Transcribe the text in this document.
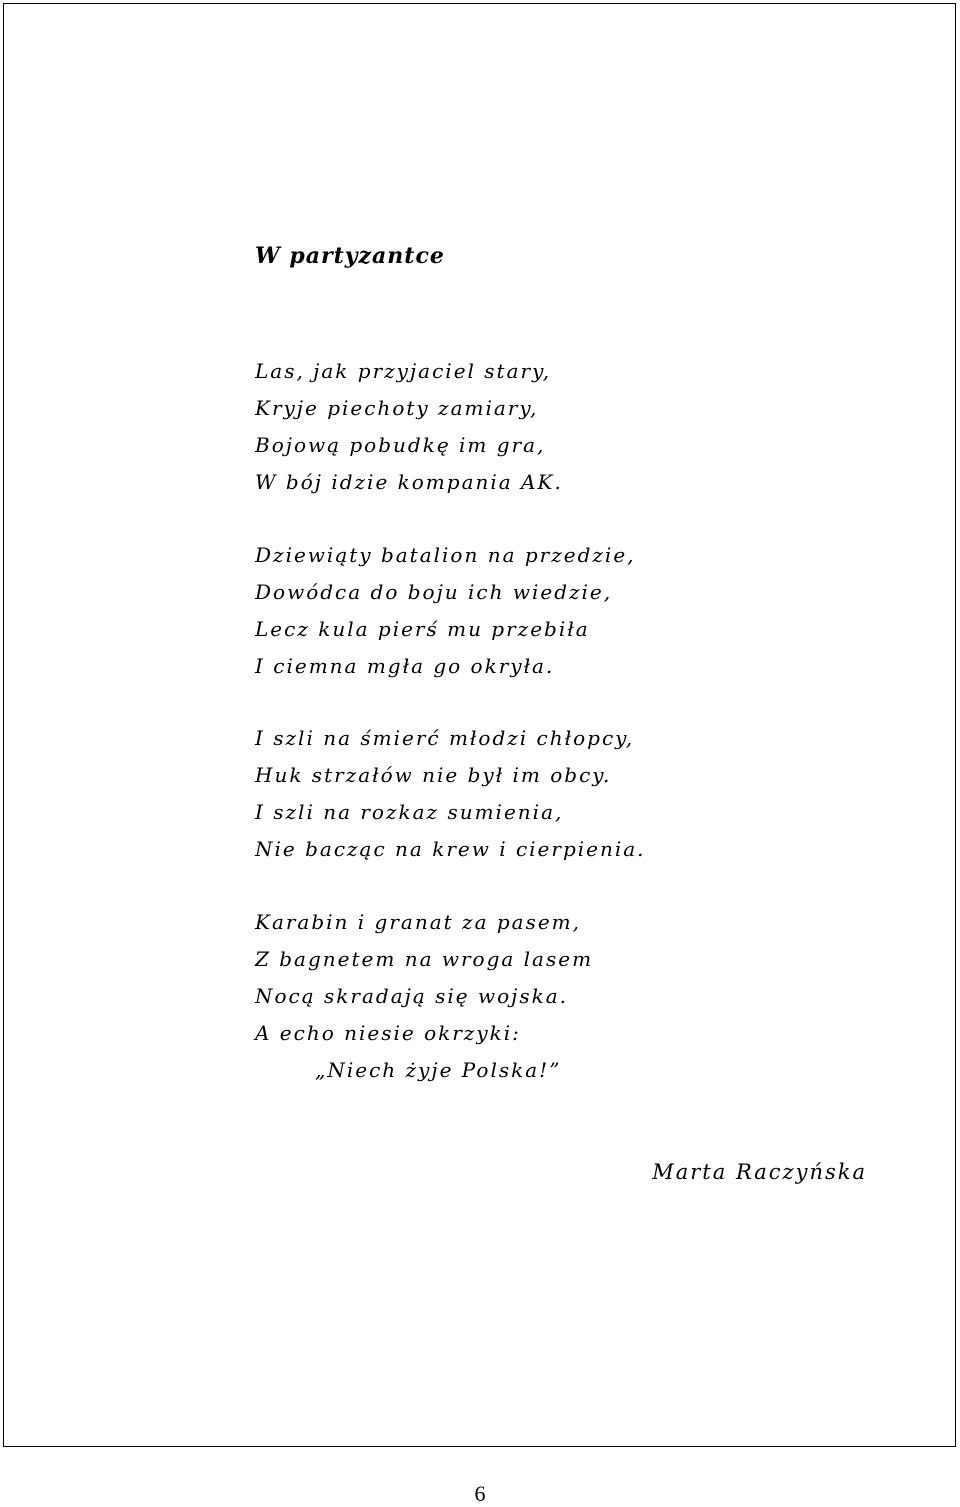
W partyzantce
Las, jak przyjaciel stary,
Kryje piechoty zamiary,
Bojową pobudkę im gra,
W bój idzie kompania AK.
Dziewiąty batalion na przedzie,
Dowódca do boju ich wiedzie,
Lecz kula pierś mu przebiła
I ciemna mgła go okryła.
I szli na śmierć młodzi chłopcy,
Huk strzałów nie był im obcy.
I szli na rozkaz sumienia,
Nie bacząc na krew i cierpienia.
Karabin i granat za pasem,
Z bagnetem na wroga lasem
Nocą skradają się wojska.
A echo niesie okrzyki:
„Niech żyje Polska!”

Marta Raczyńska

6
